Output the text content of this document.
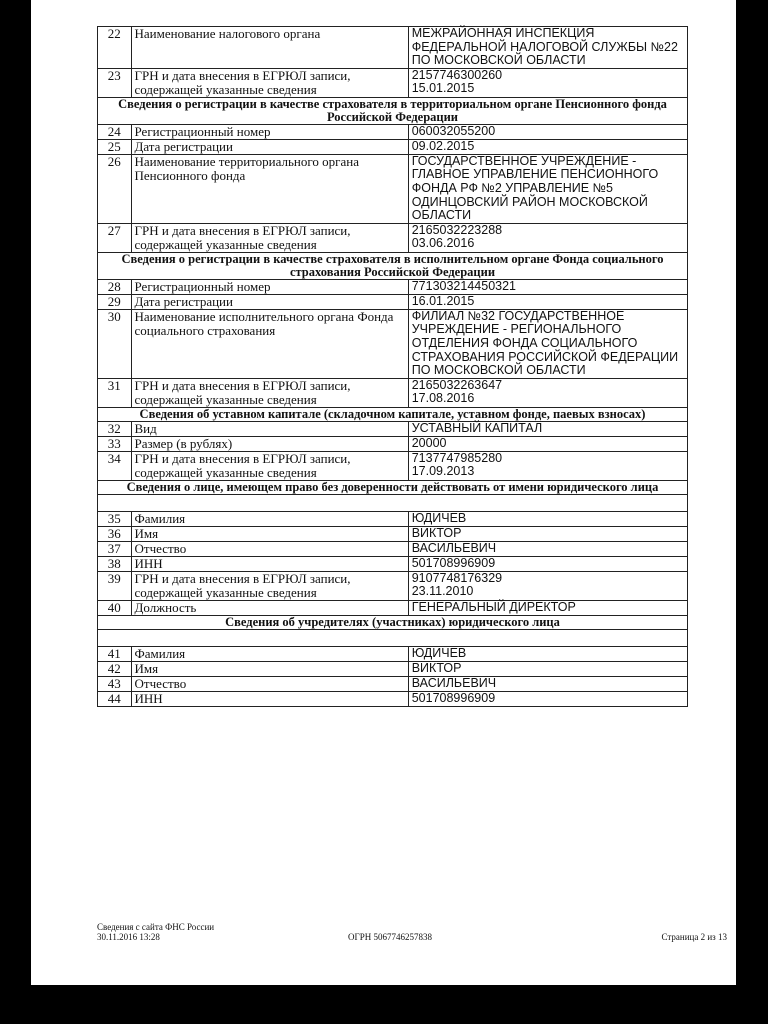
22	Наименование налогового органа	МЕЖРАЙОННАЯ ИНСПЕКЦИЯ ФЕДЕРАЛЬНОЙ НАЛОГОВОЙ СЛУЖБЫ №22 ПО МОСКОВСКОЙ ОБЛАСТИ
23	ГРН и дата внесения в ЕГРЮЛ записи, содержащей указанные сведения	2157746300260
15.01.2015
Сведения о регистрации в качестве страхователя в территориальном органе Пенсионного фонда Российской Федерации		
24	Регистрационный номер	060032055200
25	Дата регистрации	09.02.2015
26	Наименование территориального органа Пенсионного фонда	ГОСУДАРСТВЕННОЕ УЧРЕЖДЕНИЕ - ГЛАВНОЕ УПРАВЛЕНИЕ ПЕНСИОННОГО ФОНДА РФ №2 УПРАВЛЕНИЕ №5 ОДИНЦОВСКИЙ РАЙОН МОСКОВСКОЙ ОБЛАСТИ
27	ГРН и дата внесения в ЕГРЮЛ записи, содержащей указанные сведения	2165032223288
03.06.2016
Сведения о регистрации в качестве страхователя в исполнительном органе Фонда социального страхования Российской Федерации		
28	Регистрационный номер	771303214450321
29	Дата регистрации	16.01.2015
30	Наименование исполнительного органа Фонда социального страхования	ФИЛИАЛ №32 ГОСУДАРСТВЕННОЕ УЧРЕЖДЕНИЕ - РЕГИОНАЛЬНОГО ОТДЕЛЕНИЯ ФОНДА СОЦИАЛЬНОГО СТРАХОВАНИЯ РОССИЙСКОЙ ФЕДЕРАЦИИ ПО МОСКОВСКОЙ ОБЛАСТИ
31	ГРН и дата внесения в ЕГРЮЛ записи, содержащей указанные сведения	2165032263647
17.08.2016
Сведения об уставном капитале (складочном капитале, уставном фонде, паевых взносах)		
32	Вид	УСТАВНЫЙ КАПИТАЛ
33	Размер (в рублях)	20000
34	ГРН и дата внесения в ЕГРЮЛ записи, содержащей указанные сведения	7137747985280
17.09.2013
Сведения о лице, имеющем право без доверенности действовать от имени юридического лица		

35	Фамилия	ЮДИЧЕВ
36	Имя	ВИКТОР
37	Отчество	ВАСИЛЬЕВИЧ
38	ИНН	501708996909
39	ГРН и дата внесения в ЕГРЮЛ записи, содержащей указанные сведения	9107748176329
23.11.2010
40	Должность	ГЕНЕРАЛЬНЫЙ ДИРЕКТОР
Сведения об учредителях (участниках) юридического лица		

41	Фамилия	ЮДИЧЕВ
42	Имя	ВИКТОР
43	Отчество	ВАСИЛЬЕВИЧ
44	ИНН	501708996909
Сведения с сайта ФНС России
30.11.2016 13:28	ОГРН 5067746257838	Страница 2 из 13
